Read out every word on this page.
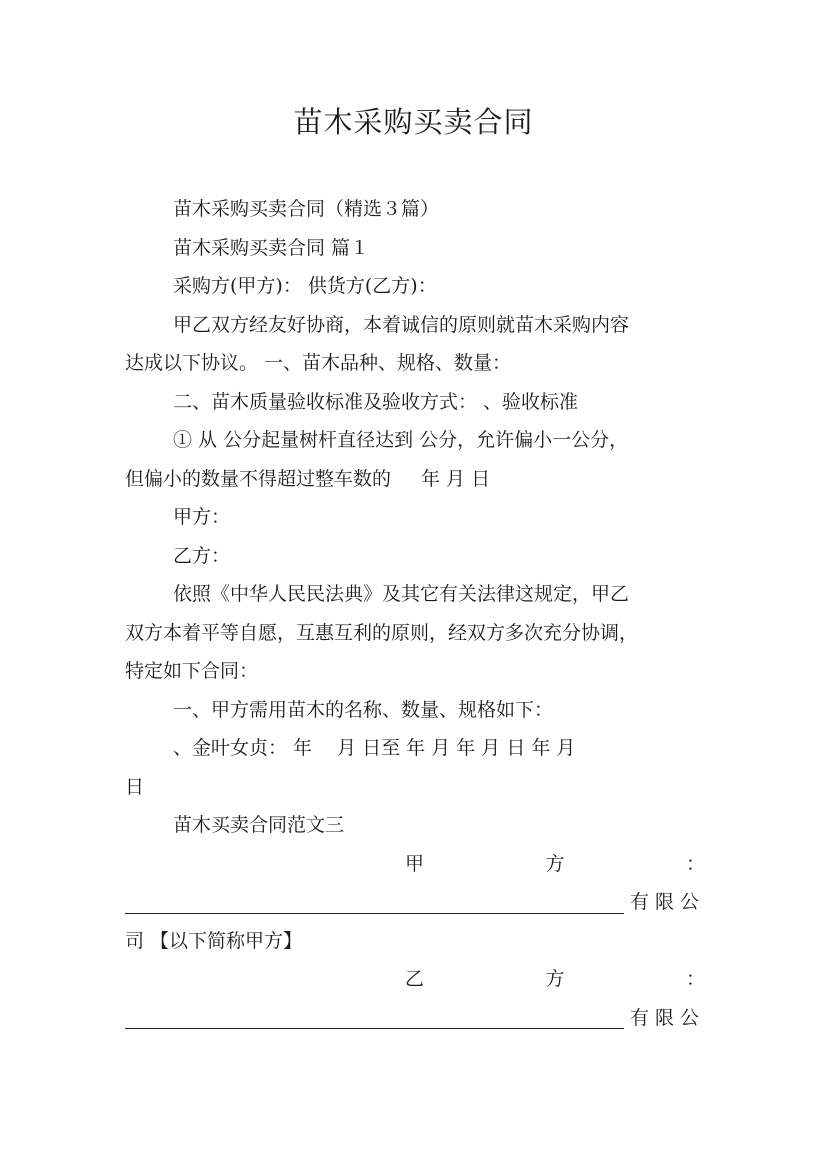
苗木采购买卖合同

苗木采购买卖合同（精选３篇）

苗木采购买卖合同 篇１

采购方(甲方)： 供货方(乙方)：

甲乙双方经友好协商，本着诚信的原则就苗木采购内容

达成以下协议。 一、苗木品种、规格、数量：

二、苗木质量验收标准及验收方式： 、验收标准

① 从 公分起量树杆直径达到 公分，允许偏小一公分，

但偏小的数量不得超过整车数的 年 月 日

甲方：

乙方：

依照《中华人民民法典》及其它有关法律这规定，甲乙

双方本着平等自愿，互惠互利的原则，经双方多次充分协调，

特定如下合同：

一、甲方需用苗木的名称、数量、规格如下：

、金叶女贞： 年 　月 日至 年 月 年 月 日 年 月

日

苗木买卖合同范文三

甲	方	：
有限公

司 【以下简称甲方】

乙	方	：
有限公
